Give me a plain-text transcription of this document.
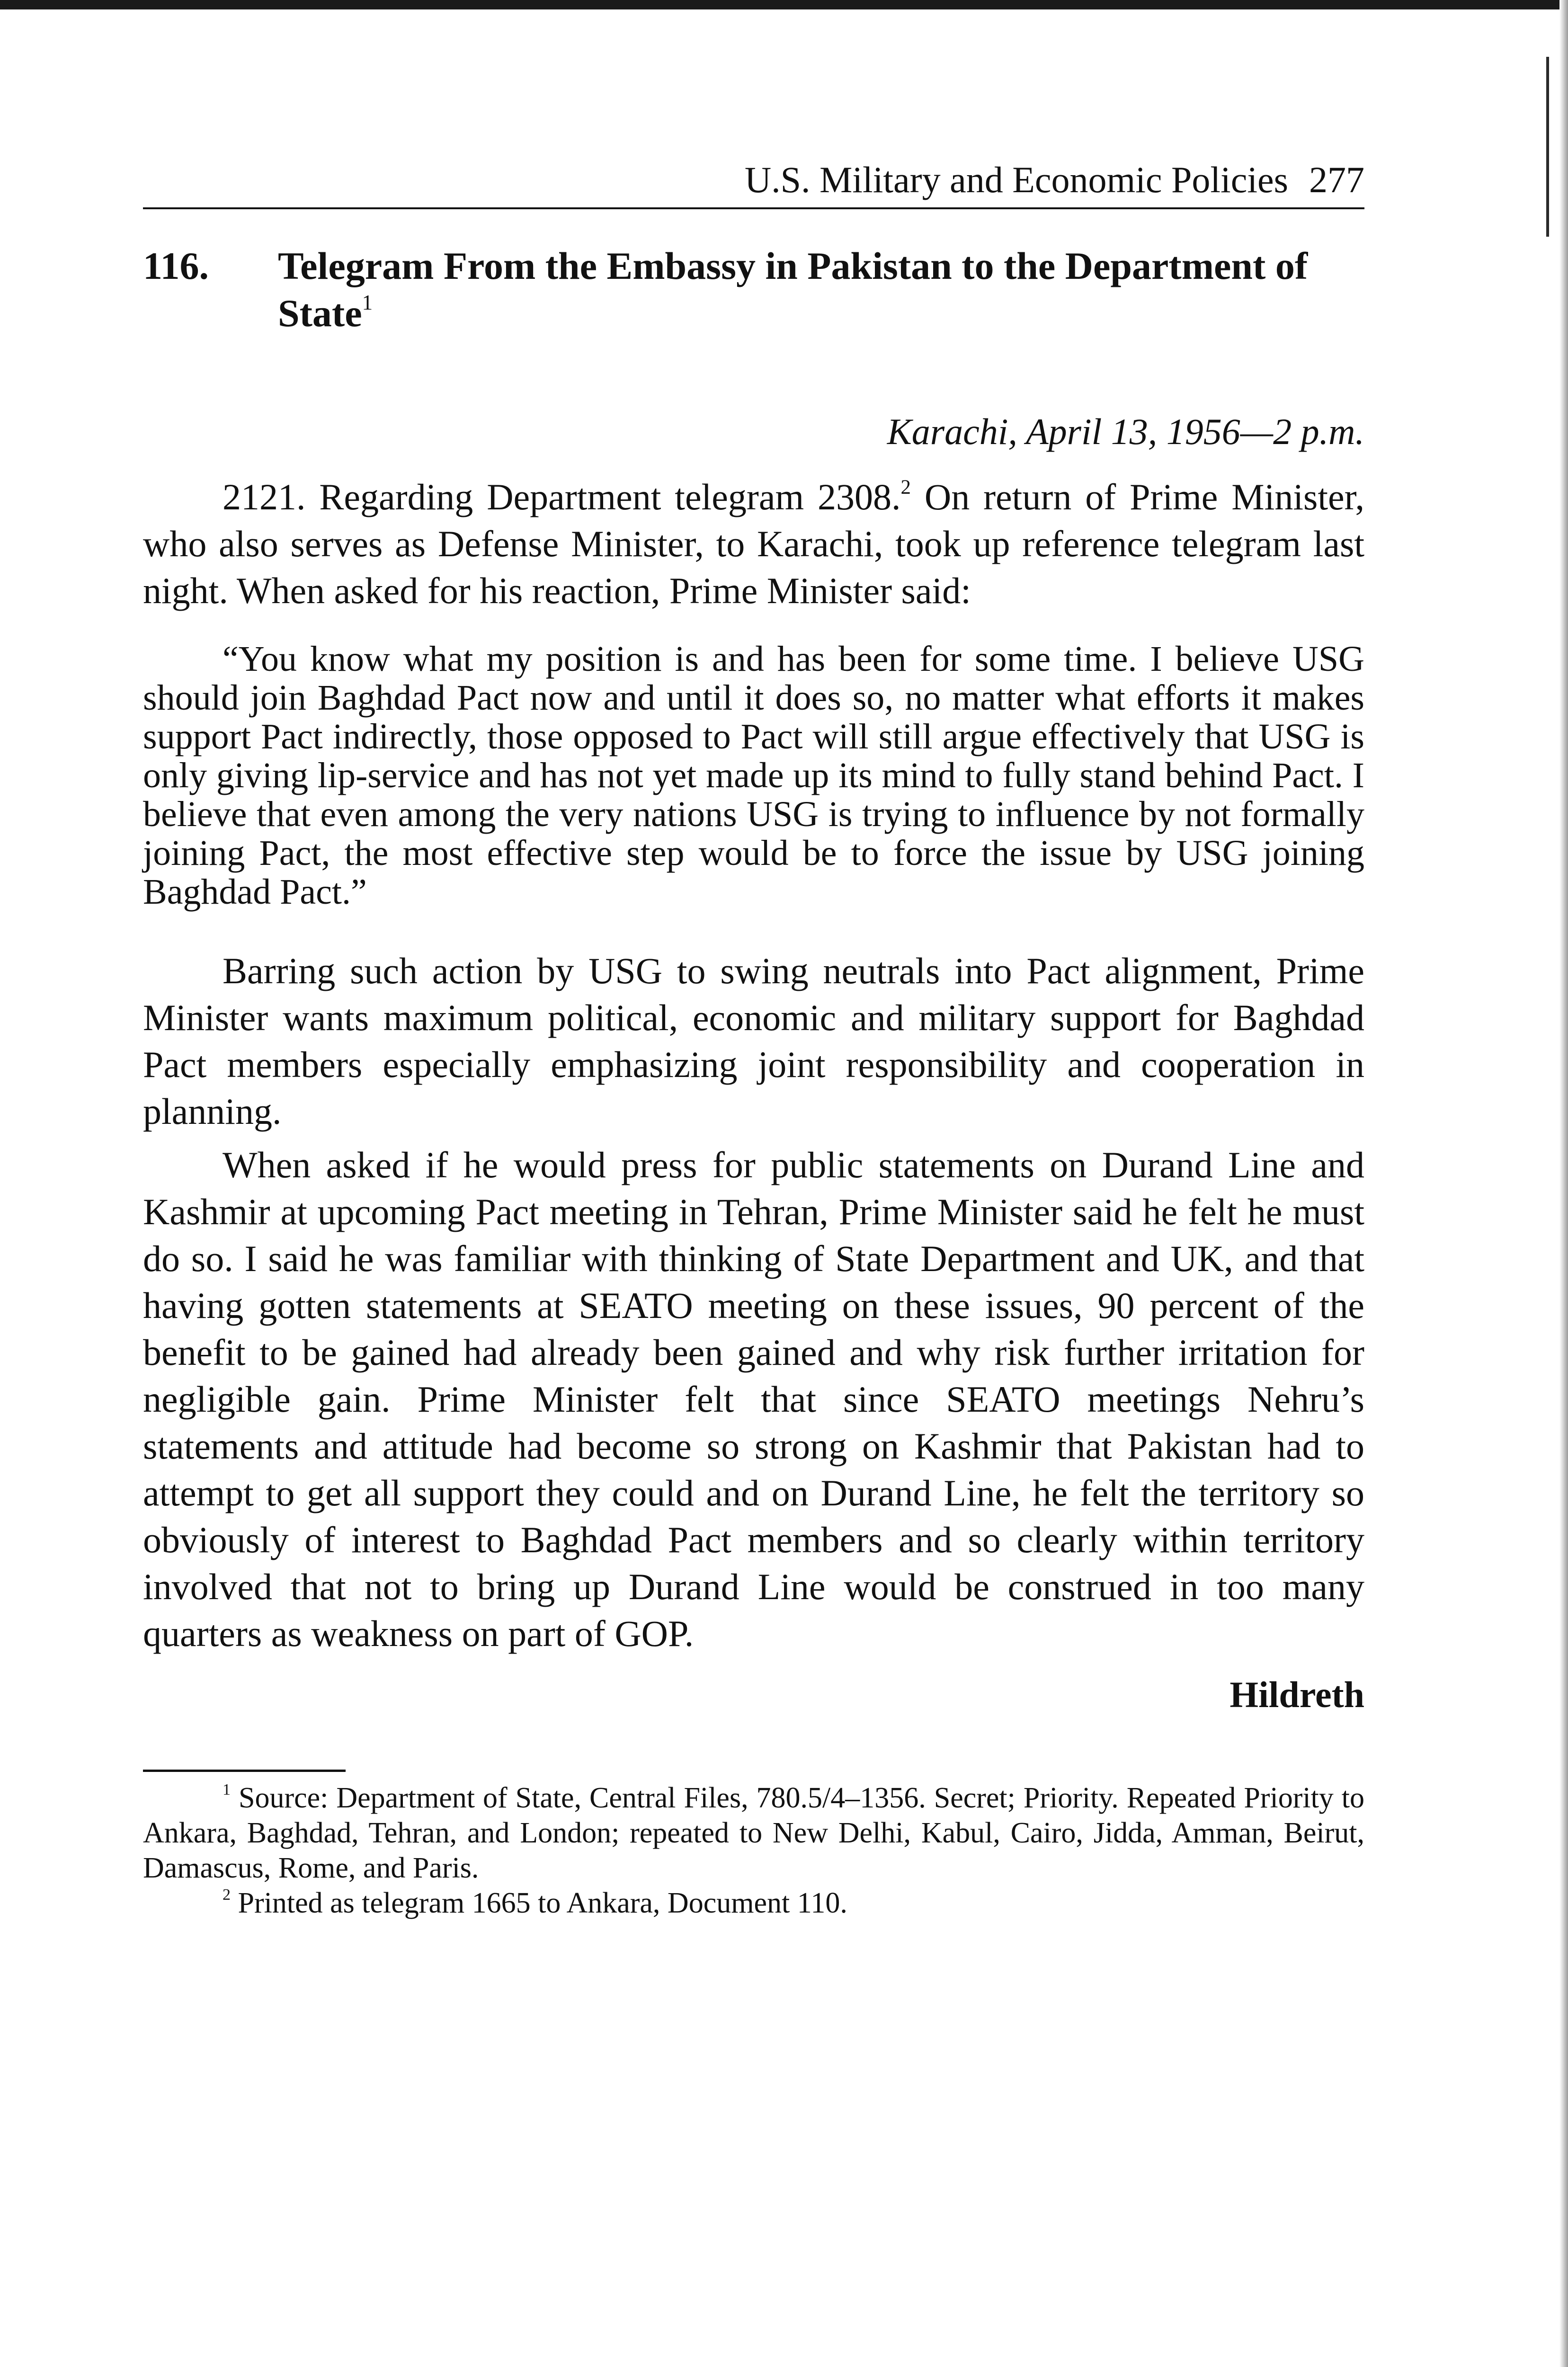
U.S. Military and Economic Policies 277
116.	Telegram From the Embassy in Pakistan to the Department of State$^1$
Karachi, April 13, 1956—2 p.m.

2121. Regarding Department telegram 2308.$^2$ On return of Prime Minister, who also serves as Defense Minister, to Karachi, took up reference telegram last night. When asked for his reaction, Prime Minister said:

“You know what my position is and has been for some time. I believe USG should join Baghdad Pact now and until it does so, no matter what efforts it makes support Pact indirectly, those opposed to Pact will still argue effectively that USG is only giving lip-service and has not yet made up its mind to fully stand behind Pact. I believe that even among the very nations USG is trying to influence by not formally joining Pact, the most effective step would be to force the issue by USG joining Baghdad Pact.”

Barring such action by USG to swing neutrals into Pact alignment, Prime Minister wants maximum political, economic and military support for Baghdad Pact members especially emphasizing joint responsibility and cooperation in planning.

When asked if he would press for public statements on Durand Line and Kashmir at upcoming Pact meeting in Tehran, Prime Minister said he felt he must do so. I said he was familiar with thinking of State Department and UK, and that having gotten statements at SEATO meeting on these issues, 90 percent of the benefit to be gained had already been gained and why risk further irritation for negligible gain. Prime Minister felt that since SEATO meetings Nehru’s statements and attitude had become so strong on Kashmir that Pakistan had to attempt to get all support they could and on Durand Line, he felt the territory so obviously of interest to Baghdad Pact members and so clearly within territory involved that not to bring up Durand Line would be construed in too many quarters as weakness on part of GOP.

Hildreth

$^1$ Source: Department of State, Central Files, 780.5/4–1356. Secret; Priority. Repeated Priority to Ankara, Baghdad, Tehran, and London; repeated to New Delhi, Kabul, Cairo, Jidda, Amman, Beirut, Damascus, Rome, and Paris.

$^2$ Printed as telegram 1665 to Ankara, Document 110.
